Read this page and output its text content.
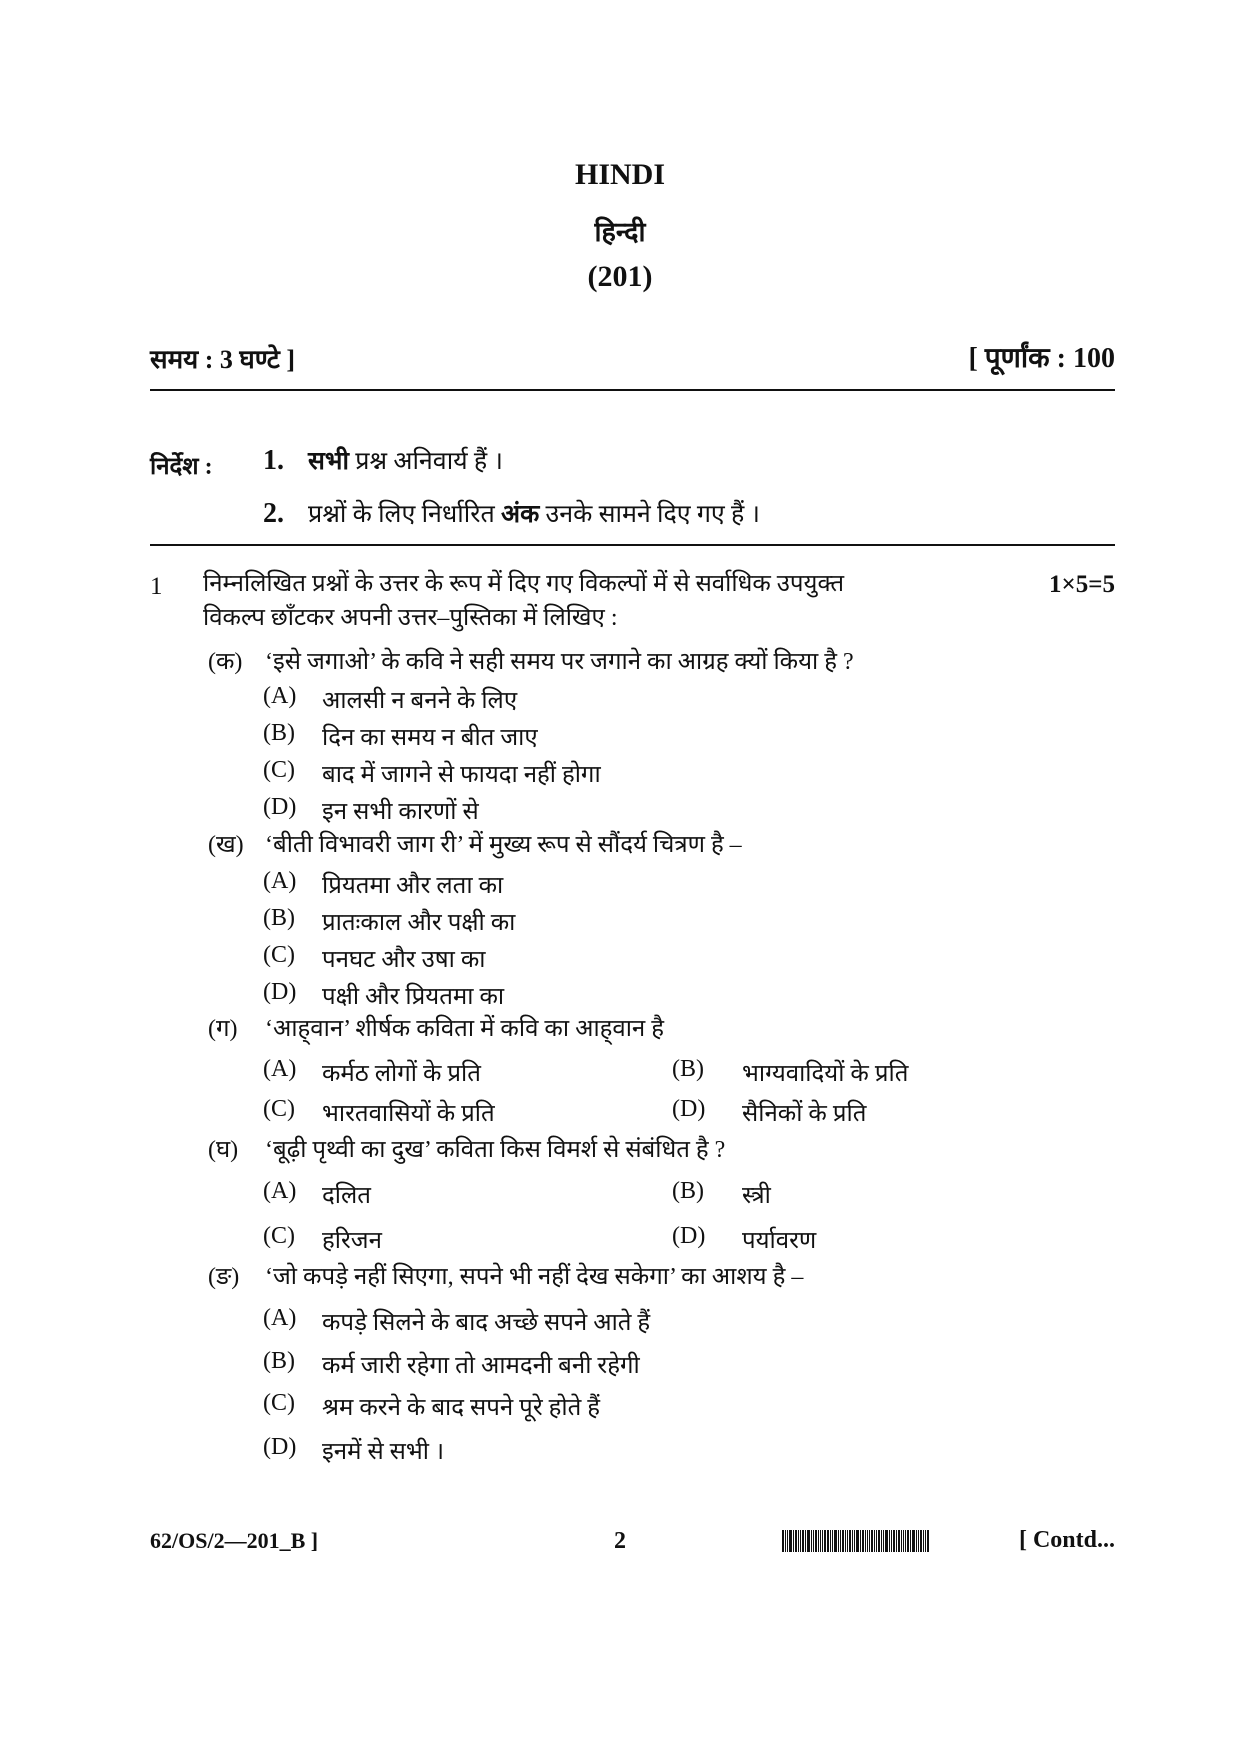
HINDI
हिन्दी
(201)
समय : 3 घण्टे ]	[ पूर्णांक : 100
निर्देश : 1. सभी प्रश्न अनिवार्य हैं ।
2. प्रश्नों के लिए निर्धारित अंक उनके सामने दिए गए हैं ।
1 निम्नलिखित प्रश्नों के उत्तर के रूप में दिए गए विकल्पों में से सर्वाधिक उपयुक्त
विकल्प छाँटकर अपनी उत्तर–पुस्तिका में लिखिए :
1×5=5
(क) ‘इसे जगाओ’ के कवि ने सही समय पर जगाने का आग्रह क्यों किया है ?
(A) आलसी न बनने के लिए
(B) दिन का समय न बीत जाए
(C) बाद में जागने से फायदा नहीं होगा
(D) इन सभी कारणों से
(ख) ‘बीती विभावरी जाग री’ में मुख्य रूप से सौंदर्य चित्रण है –
(A) प्रियतमा और लता का
(B) प्रातःकाल और पक्षी का
(C) पनघट और उषा का
(D) पक्षी और प्रियतमा का
(ग) ‘आह्‌वान’ शीर्षक कविता में कवि का आह्‌वान है
(A) कर्मठ लोगों के प्रति	(B) भाग्यवादियों के प्रति
(C) भारतवासियों के प्रति	(D) सैनिकों के प्रति
(घ) ‘बूढ़ी पृथ्वी का दुख’ कविता किस विमर्श से संबंधित है ?
(A) दलित	(B) स्त्री
(C) हरिजन	(D) पर्यावरण
(ङ) ‘जो कपड़े नहीं सिएगा, सपने भी नहीं देख सकेगा’ का आशय है –
(A) कपड़े सिलने के बाद अच्छे सपने आते हैं
(B) कर्म जारी रहेगा तो आमदनी बनी रहेगी
(C) श्रम करने के बाद सपने पूरे होते हैं
(D) इनमें से सभी ।
62/OS/2—201_B ]	2	[ Contd...
